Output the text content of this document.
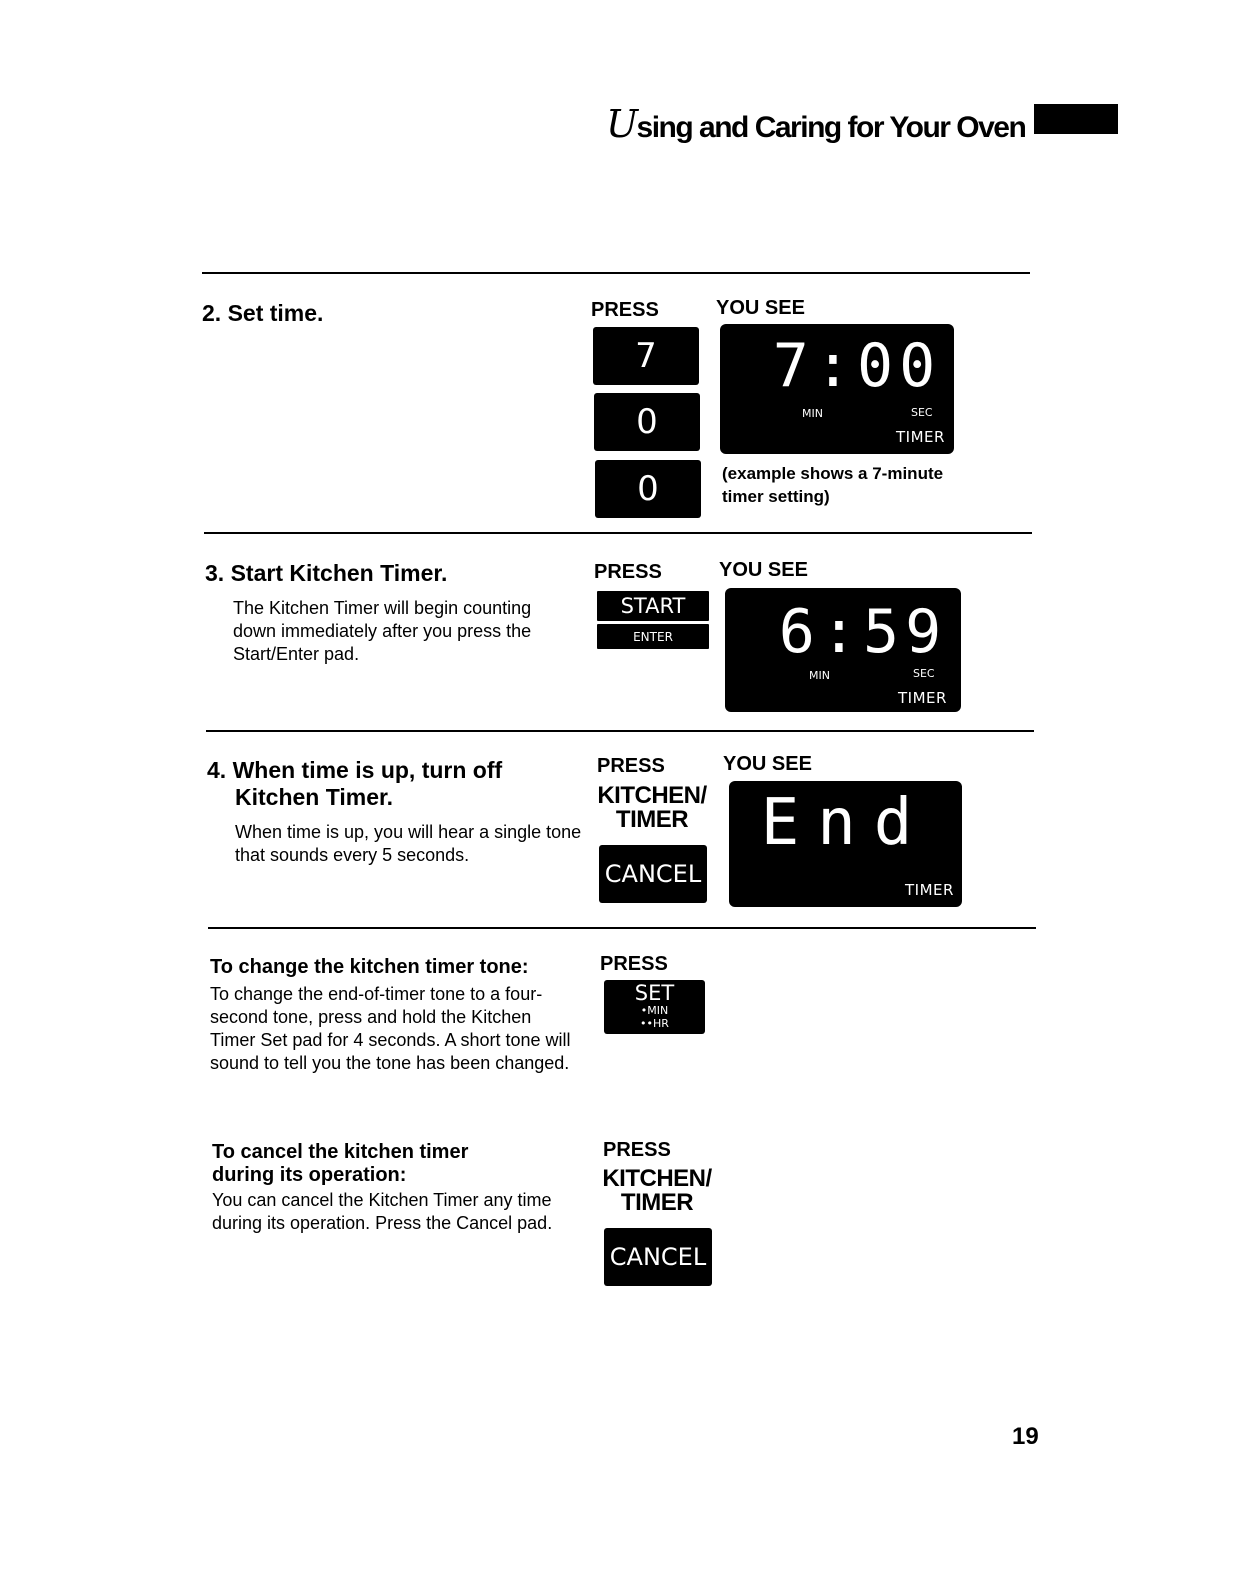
Using and Caring for Your Oven
2. Set time.	PRESS	YOU SEE
7
0
0
7:00
MIN	SEC
TIMER
(example shows a 7-minute timer setting)
3. Start Kitchen Timer.
The Kitchen Timer will begin counting down immediately after you press the Start/Enter pad.
PRESS	YOU SEE
START
ENTER	6:59
MIN	SEC
TIMER
4. When time is up, turn off
Kitchen Timer.
When time is up, you will hear a single tone that sounds every 5 seconds.
PRESS	YOU SEE
KITCHEN/
TIMER
CANCEL
End
TIMER
To change the kitchen timer tone:
To change the end-of-timer tone to a four-second tone, press and hold the Kitchen Timer Set pad for 4 seconds. A short tone will sound to tell you the tone has been changed.
PRESS
SET
•MIN
••HR
To cancel the kitchen timer
during its operation:
You can cancel the Kitchen Timer any time during its operation. Press the Cancel pad.
PRESS
KITCHEN/
TIMER
CANCEL
19
